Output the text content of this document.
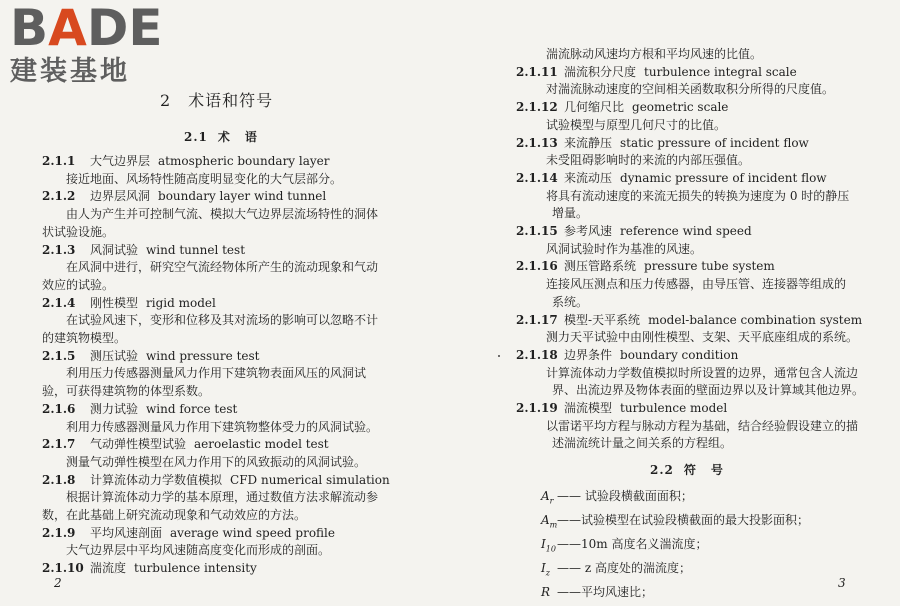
BADE
建装基地
2　术语和符号
2.1 术 语
2.1.1 大气边界层 atmospheric boundary layer
接近地面、风场特性随高度明显变化的大气层部分。
2.1.2 边界层风洞 boundary layer wind tunnel
由人为产生并可控制气流、模拟大气边界层流场特性的洞体
状试验设施。
2.1.3 风洞试验 wind tunnel test
在风洞中进行，研究空气流经物体所产生的流动现象和气动
效应的试验。
2.1.4 刚性模型 rigid model
在试验风速下，变形和位移及其对流场的影响可以忽略不计
的建筑物模型。
2.1.5 测压试验 wind pressure test
利用压力传感器测量风力作用下建筑物表面风压的风洞试
验，可获得建筑物的体型系数。
2.1.6 测力试验 wind force test
利用力传感器测量风力作用下建筑物整体受力的风洞试验。
2.1.7 气动弹性模型试验 aeroelastic model test
测量气动弹性模型在风力作用下的风致振动的风洞试验。
2.1.8 计算流体动力学数值模拟 CFD numerical simulation
根据计算流体动力学的基本原理，通过数值方法求解流动参
数，在此基础上研究流动现象和气动效应的方法。
2.1.9 平均风速剖面 average wind speed profile
大气边界层中平均风速随高度变化而形成的剖面。
2.1.10 湍流度 turbulence intensity
2
湍流脉动风速均方根和平均风速的比值。
2.1.11 湍流积分尺度 turbulence integral scale
对湍流脉动速度的空间相关函数取积分所得的尺度值。
2.1.12 几何缩尺比 geometric scale
试验模型与原型几何尺寸的比值。
2.1.13 来流静压 static pressure of incident flow
未受阻碍影响时的来流的内部压强值。
2.1.14 来流动压 dynamic pressure of incident flow
将具有流动速度的来流无损失的转换为速度为 0 时的静压
增量。
2.1.15 参考风速 reference wind speed
风洞试验时作为基准的风速。
2.1.16 测压管路系统 pressure tube system
连接风压测点和压力传感器，由导压管、连接器等组成的
系统。
2.1.17 模型-天平系统 model-balance combination system
测力天平试验中由刚性模型、支架、天平底座组成的系统。
2.1.18 边界条件 boundary condition
计算流体动力学数值模拟时所设置的边界，通常包含人流边
界、出流边界及物体表面的壁面边界以及计算域其他边界。
2.1.19 湍流模型 turbulence model
以雷诺平均方程与脉动方程为基础，结合经验假设建立的描
述湍流统计量之间关系的方程组。
2.2 符 号
3
$A_r$ —— 试验段横截面面积；
$A_m——$试验模型在试验段横截面的最大投影面积；
$I_{10}——10m$ 高度名义湍流度；
$I_z$ —— z 高度处的湍流度；
R ——平均风速比；
